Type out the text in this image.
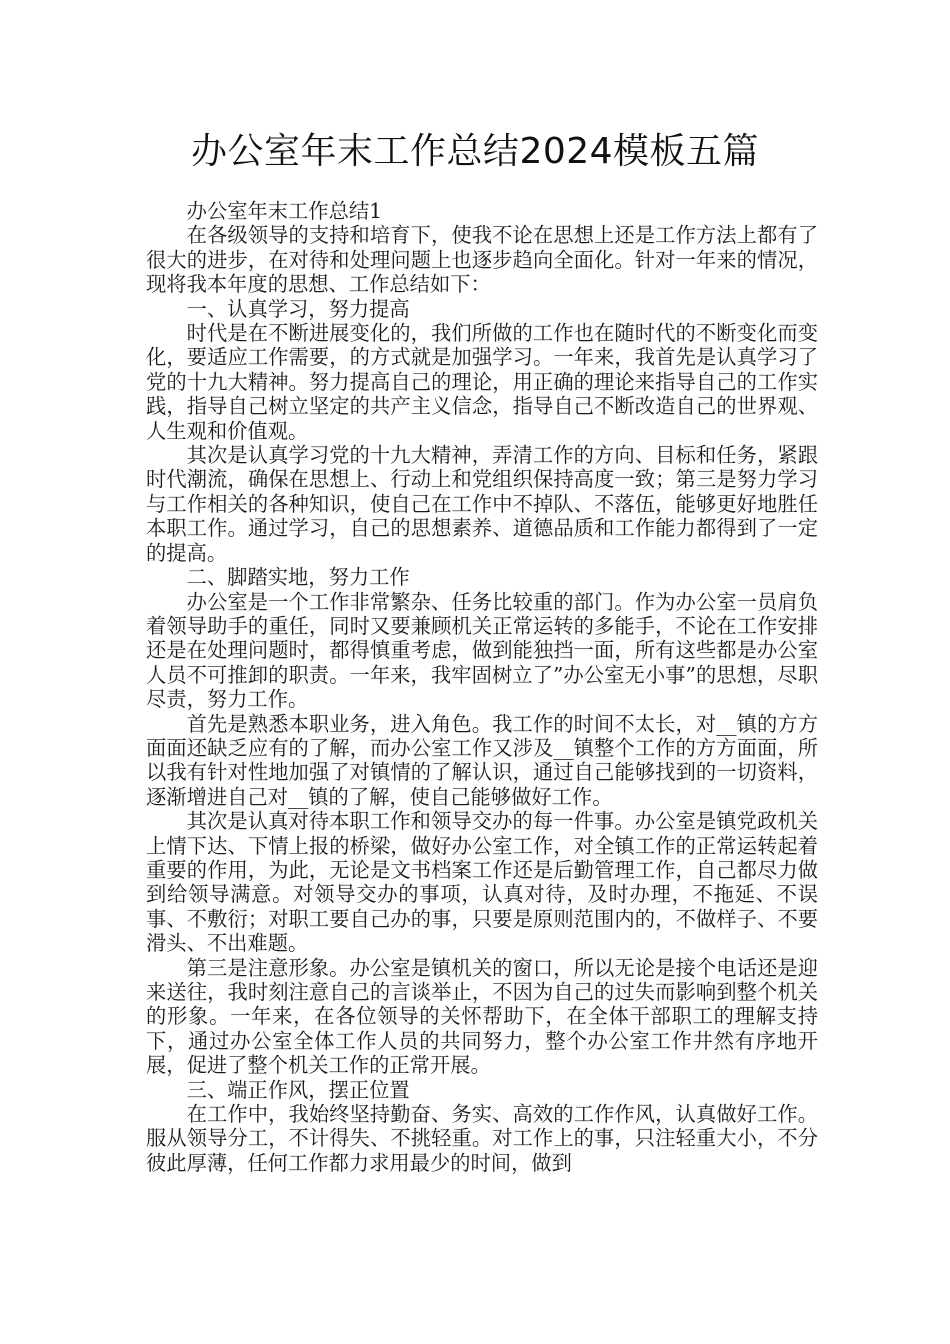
办公室年末工作总结2024模板五篇

办公室年末工作总结1

在各级领导的支持和培育下，使我不论在思想上还是工作方法上都有了很大的进步，在对待和处理问题上也逐步趋向全面化。针对一年来的情况，现将我本年度的思想、工作总结如下：

一、认真学习，努力提高

时代是在不断进展变化的，我们所做的工作也在随时代的不断变化而变化，要适应工作需要，的方式就是加强学习。一年来，我首先是认真学习了党的十九大精神。努力提高自己的理论，用正确的理论来指导自己的工作实践，指导自己树立坚定的共产主义信念，指导自己不断改造自己的世界观、人生观和价值观。

其次是认真学习党的十九大精神，弄清工作的方向、目标和任务，紧跟时代潮流，确保在思想上、行动上和党组织保持高度一致；第三是努力学习与工作相关的各种知识，使自己在工作中不掉队、不落伍，能够更好地胜任本职工作。通过学习，自己的思想素养、道德品质和工作能力都得到了一定的提高。

二、脚踏实地，努力工作

办公室是一个工作非常繁杂、任务比较重的部门。作为办公室一员肩负着领导助手的重任，同时又要兼顾机关正常运转的多能手，不论在工作安排还是在处理问题时，都得慎重考虑，做到能独挡一面，所有这些都是办公室人员不可推卸的职责。一年来，我牢固树立了”办公室无小事”的思想，尽职尽责，努力工作。

首先是熟悉本职业务，进入角色。我工作的时间不太长，对__镇的方方面面还缺乏应有的了解，而办公室工作又涉及__镇整个工作的方方面面，所以我有针对性地加强了对镇情的了解认识，通过自己能够找到的一切资料，逐渐增进自己对__镇的了解，使自己能够做好工作。

其次是认真对待本职工作和领导交办的每一件事。办公室是镇党政机关上情下达、下情上报的桥梁，做好办公室工作，对全镇工作的正常运转起着重要的作用，为此，无论是文书档案工作还是后勤管理工作，自己都尽力做到给领导满意。对领导交办的事项，认真对待，及时办理，不拖延、不误事、不敷衍；对职工要自己办的事，只要是原则范围内的，不做样子、不要滑头、不出难题。

第三是注意形象。办公室是镇机关的窗口，所以无论是接个电话还是迎来送往，我时刻注意自己的言谈举止，不因为自己的过失而影响到整个机关的形象。一年来，在各位领导的关怀帮助下，在全体干部职工的理解支持下，通过办公室全体工作人员的共同努力，整个办公室工作井然有序地开展，促进了整个机关工作的正常开展。

三、端正作风，摆正位置

在工作中，我始终坚持勤奋、务实、高效的工作作风，认真做好工作。服从领导分工，不计得失、不挑轻重。对工作上的事，只注轻重大小，不分彼此厚薄，任何工作都力求用最少的时间，做到
